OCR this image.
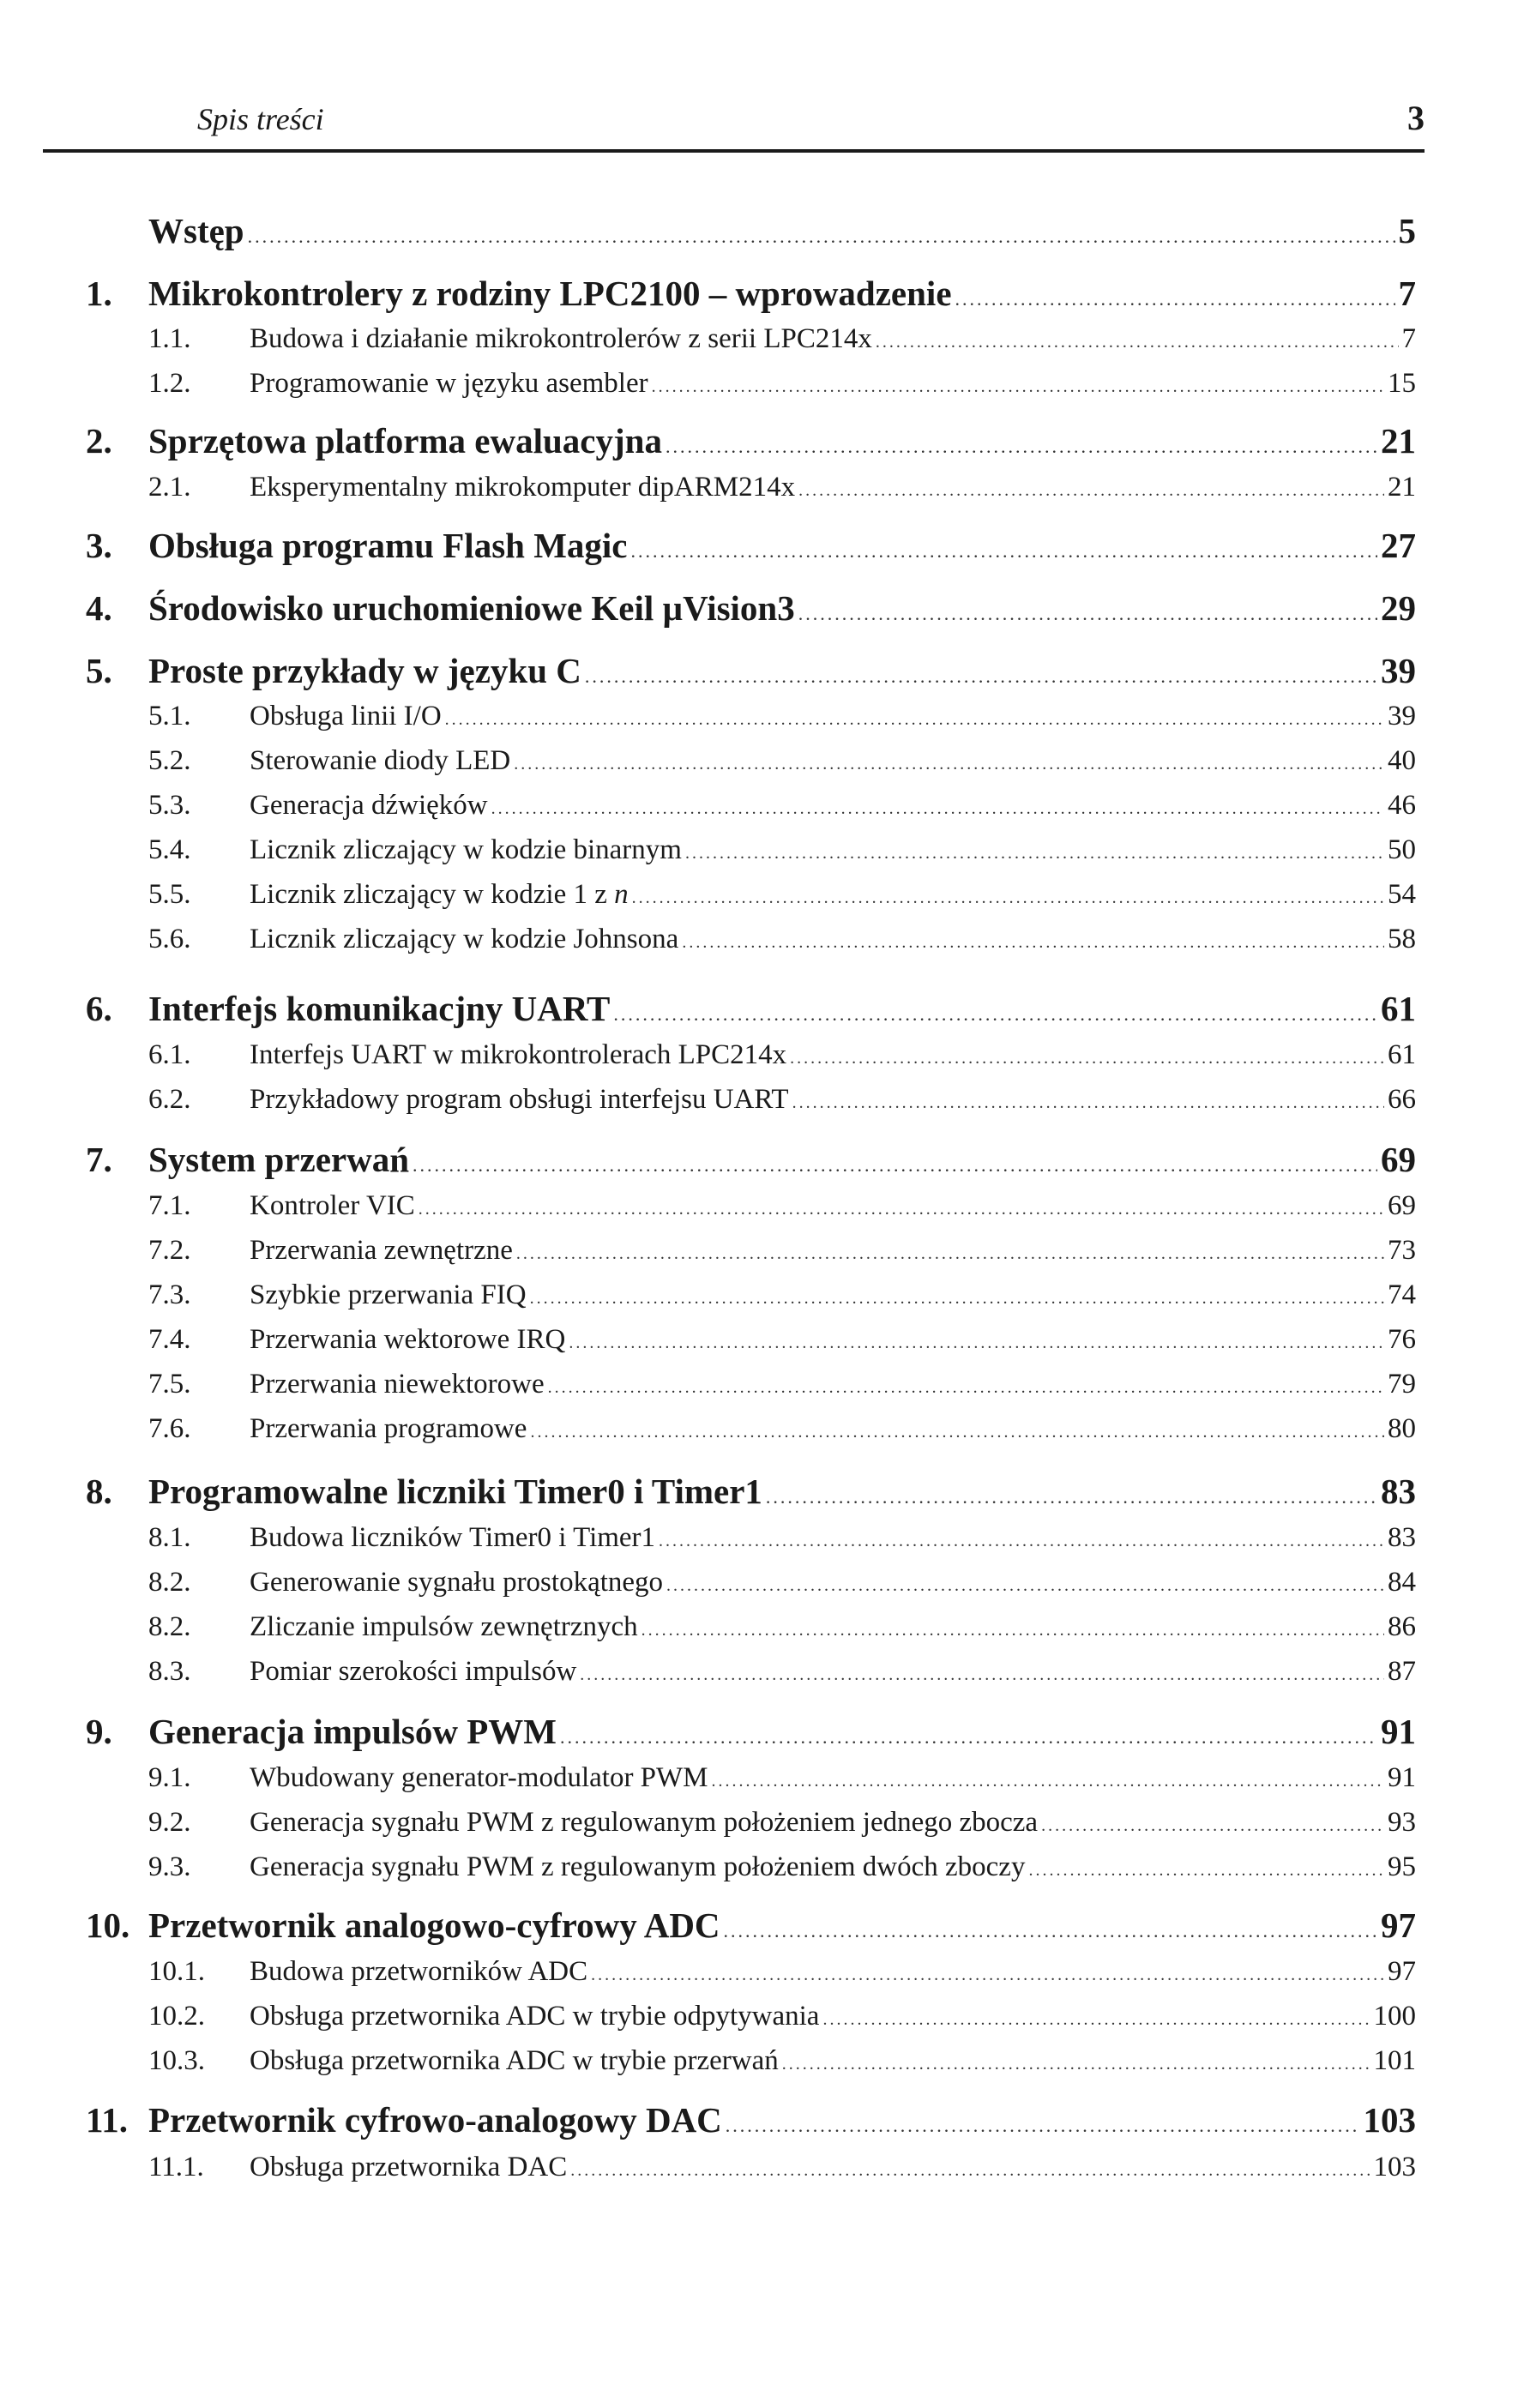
Spis treści	3
Wstęp .....	5
1. Mikrokontrolery z rodziny LPC2100 – wprowadzenie .....	7
1.1. Budowa i działanie mikrokontrolerów z serii LPC214x .....	7
1.2. Programowanie w języku asembler .....	15
2. Sprzętowa platforma ewaluacyjna .....	21
2.1. Eksperymentalny mikrokomputer dipARM214x .....	21
3. Obsługa programu Flash Magic .....	27
4. Środowisko uruchomieniowe Keil µVision3 .....	29
5. Proste przykłady w języku C .....	39
5.1. Obsługa linii I/O .....	39
5.2. Sterowanie diody LED .....	40
5.3. Generacja dźwięków .....	46
5.4. Licznik zliczający w kodzie binarnym .....	50
5.5. Licznik zliczający w kodzie 1 z n .....	54
5.6. Licznik zliczający w kodzie Johnsona .....	58
6. Interfejs komunikacjny UART .....	61
6.1. Interfejs UART w mikrokontrolerach LPC214x .....	61
6.2. Przykładowy program obsługi interfejsu UART .....	66
7. System przerwań .....	69
7.1. Kontroler VIC .....	69
7.2. Przerwania zewnętrzne .....	73
7.3. Szybkie przerwania FIQ .....	74
7.4. Przerwania wektorowe IRQ .....	76
7.5. Przerwania niewektorowe .....	79
7.6. Przerwania programowe .....	80
8. Programowalne liczniki Timer0 i Timer1 .....	83
8.1. Budowa liczników Timer0 i Timer1 .....	83
8.2. Generowanie sygnału prostokątnego .....	84
8.2. Zliczanie impulsów zewnętrznych .....	86
8.3. Pomiar szerokości impulsów .....	87
9. Generacja impulsów PWM .....	91
9.1. Wbudowany generator-modulator PWM .....	91
9.2. Generacja sygnału PWM z regulowanym położeniem jednego zbocza .....	93
9.3. Generacja sygnału PWM z regulowanym położeniem dwóch zboczy .....	95
10. Przetwornik analogowo-cyfrowy ADC .....	97
10.1. Budowa przetworników ADC .....	97
10.2. Obsługa przetwornika ADC w trybie odpytywania .....	100
10.3. Obsługa przetwornika ADC w trybie przerwań .....	101
11. Przetwornik cyfrowo-analogowy DAC .....	103
11.1. Obsługa przetwornika DAC .....	103
